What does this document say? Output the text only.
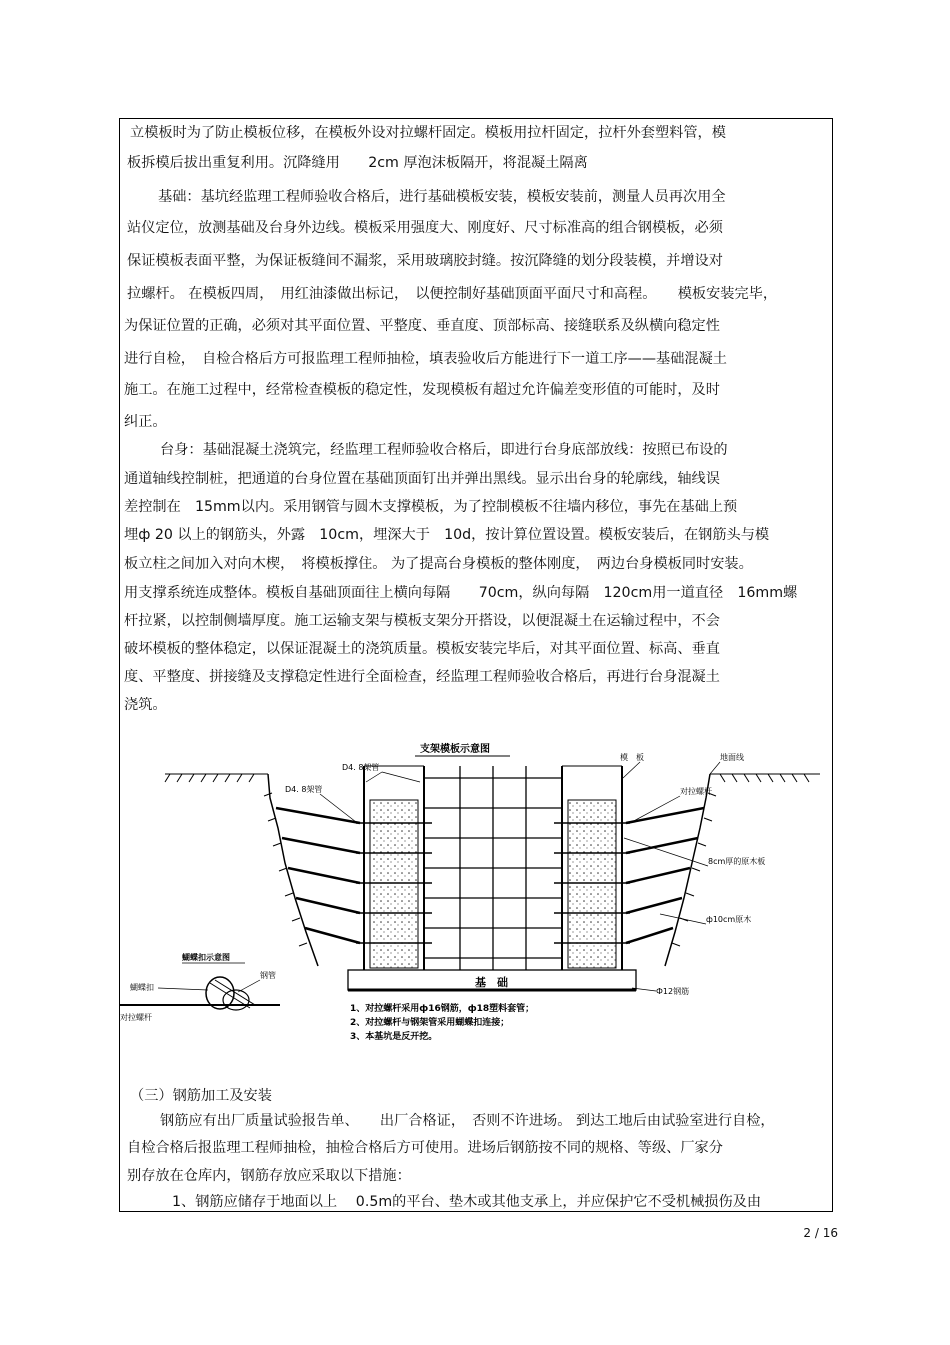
立模板时为了防止模板位移，在模板外设对拉螺杆固定。模板用拉杆固定，拉杆外套塑料管，模
板拆模后拔出重复利用。沉降缝用　　2cm 厚泡沫板隔开，将混凝土隔离
基础：基坑经监理工程师验收合格后，进行基础模板安装，模板安装前，测量人员再次用全
站仪定位，放测基础及台身外边线。模板采用强度大、刚度好、尺寸标准高的组合钢模板，必须
保证模板表面平整，为保证板缝间不漏浆，采用玻璃胶封缝。按沉降缝的划分段装模，并增设对
拉螺杆。 在模板四周，　用红油漆做出标记，　以便控制好基础顶面平面尺寸和高程。　　模板安装完毕，
为保证位置的正确，必须对其平面位置、平整度、垂直度、顶部标高、接缝联系及纵横向稳定性
进行自检，　自检合格后方可报监理工程师抽检，填表验收后方能进行下一道工序——基础混凝土
施工。在施工过程中，经常检查模板的稳定性，发现模板有超过允许偏差变形值的可能时，及时
纠正。
台身：基础混凝土浇筑完，经监理工程师验收合格后，即进行台身底部放线：按照已布设的
通道轴线控制桩，把通道的台身位置在基础顶面钉出并弹出黑线。显示出台身的轮廓线，轴线误
差控制在　15mm以内。采用钢管与圆木支撑模板，为了控制模板不往墙内移位，事先在基础上预
埋ф 20 以上的钢筋头，外露　10cm，埋深大于　10d，按计算位置设置。模板安装后，在钢筋头与模
板立柱之间加入对向木楔，　将模板撑住。 为了提高台身模板的整体刚度，　两边台身模板同时安装。
用支撑系统连成整体。模板自基础顶面往上横向每隔　　70cm，纵向每隔　120cm用一道直径　16mm螺
杆拉紧，以控制侧墙厚度。施工运输支架与模板支架分开搭设，以便混凝土在运输过程中，不会
破坏模板的整体稳定，以保证混凝土的浇筑质量。模板安装完毕后，对其平面位置、标高、垂直
度、平整度、拼接缝及支撑稳定性进行全面检查，经监理工程师验收合格后，再进行台身混凝土
浇筑。
支架模板示意图
基　础
D4. 8架管
D4. 8架管
模　板	地面线
对拉螺杆
8cm厚的原木板
ф10cm原木
Ф12钢筋
蝴蝶扣示意图
蝴蝶扣
钢管
对拉螺杆
1、对拉螺杆采用ф16钢筋，ф18塑料套管；
2、对拉螺杆与钢架管采用蝴蝶扣连接；
3、本基坑是反开挖。
（三）钢筋加工及安装
钢筋应有出厂质量试验报告单、　　出厂合格证，　否则不许进场。 到达工地后由试验室进行自检，
自检合格后报监理工程师抽检，抽检合格后方可使用。进场后钢筋按不同的规格、等级、厂家分
别存放在仓库内，钢筋存放应采取以下措施：
1、钢筋应储存于地面以上　 0.5m的平台、垫木或其他支承上，并应保护它不受机械损伤及由
2 / 16
